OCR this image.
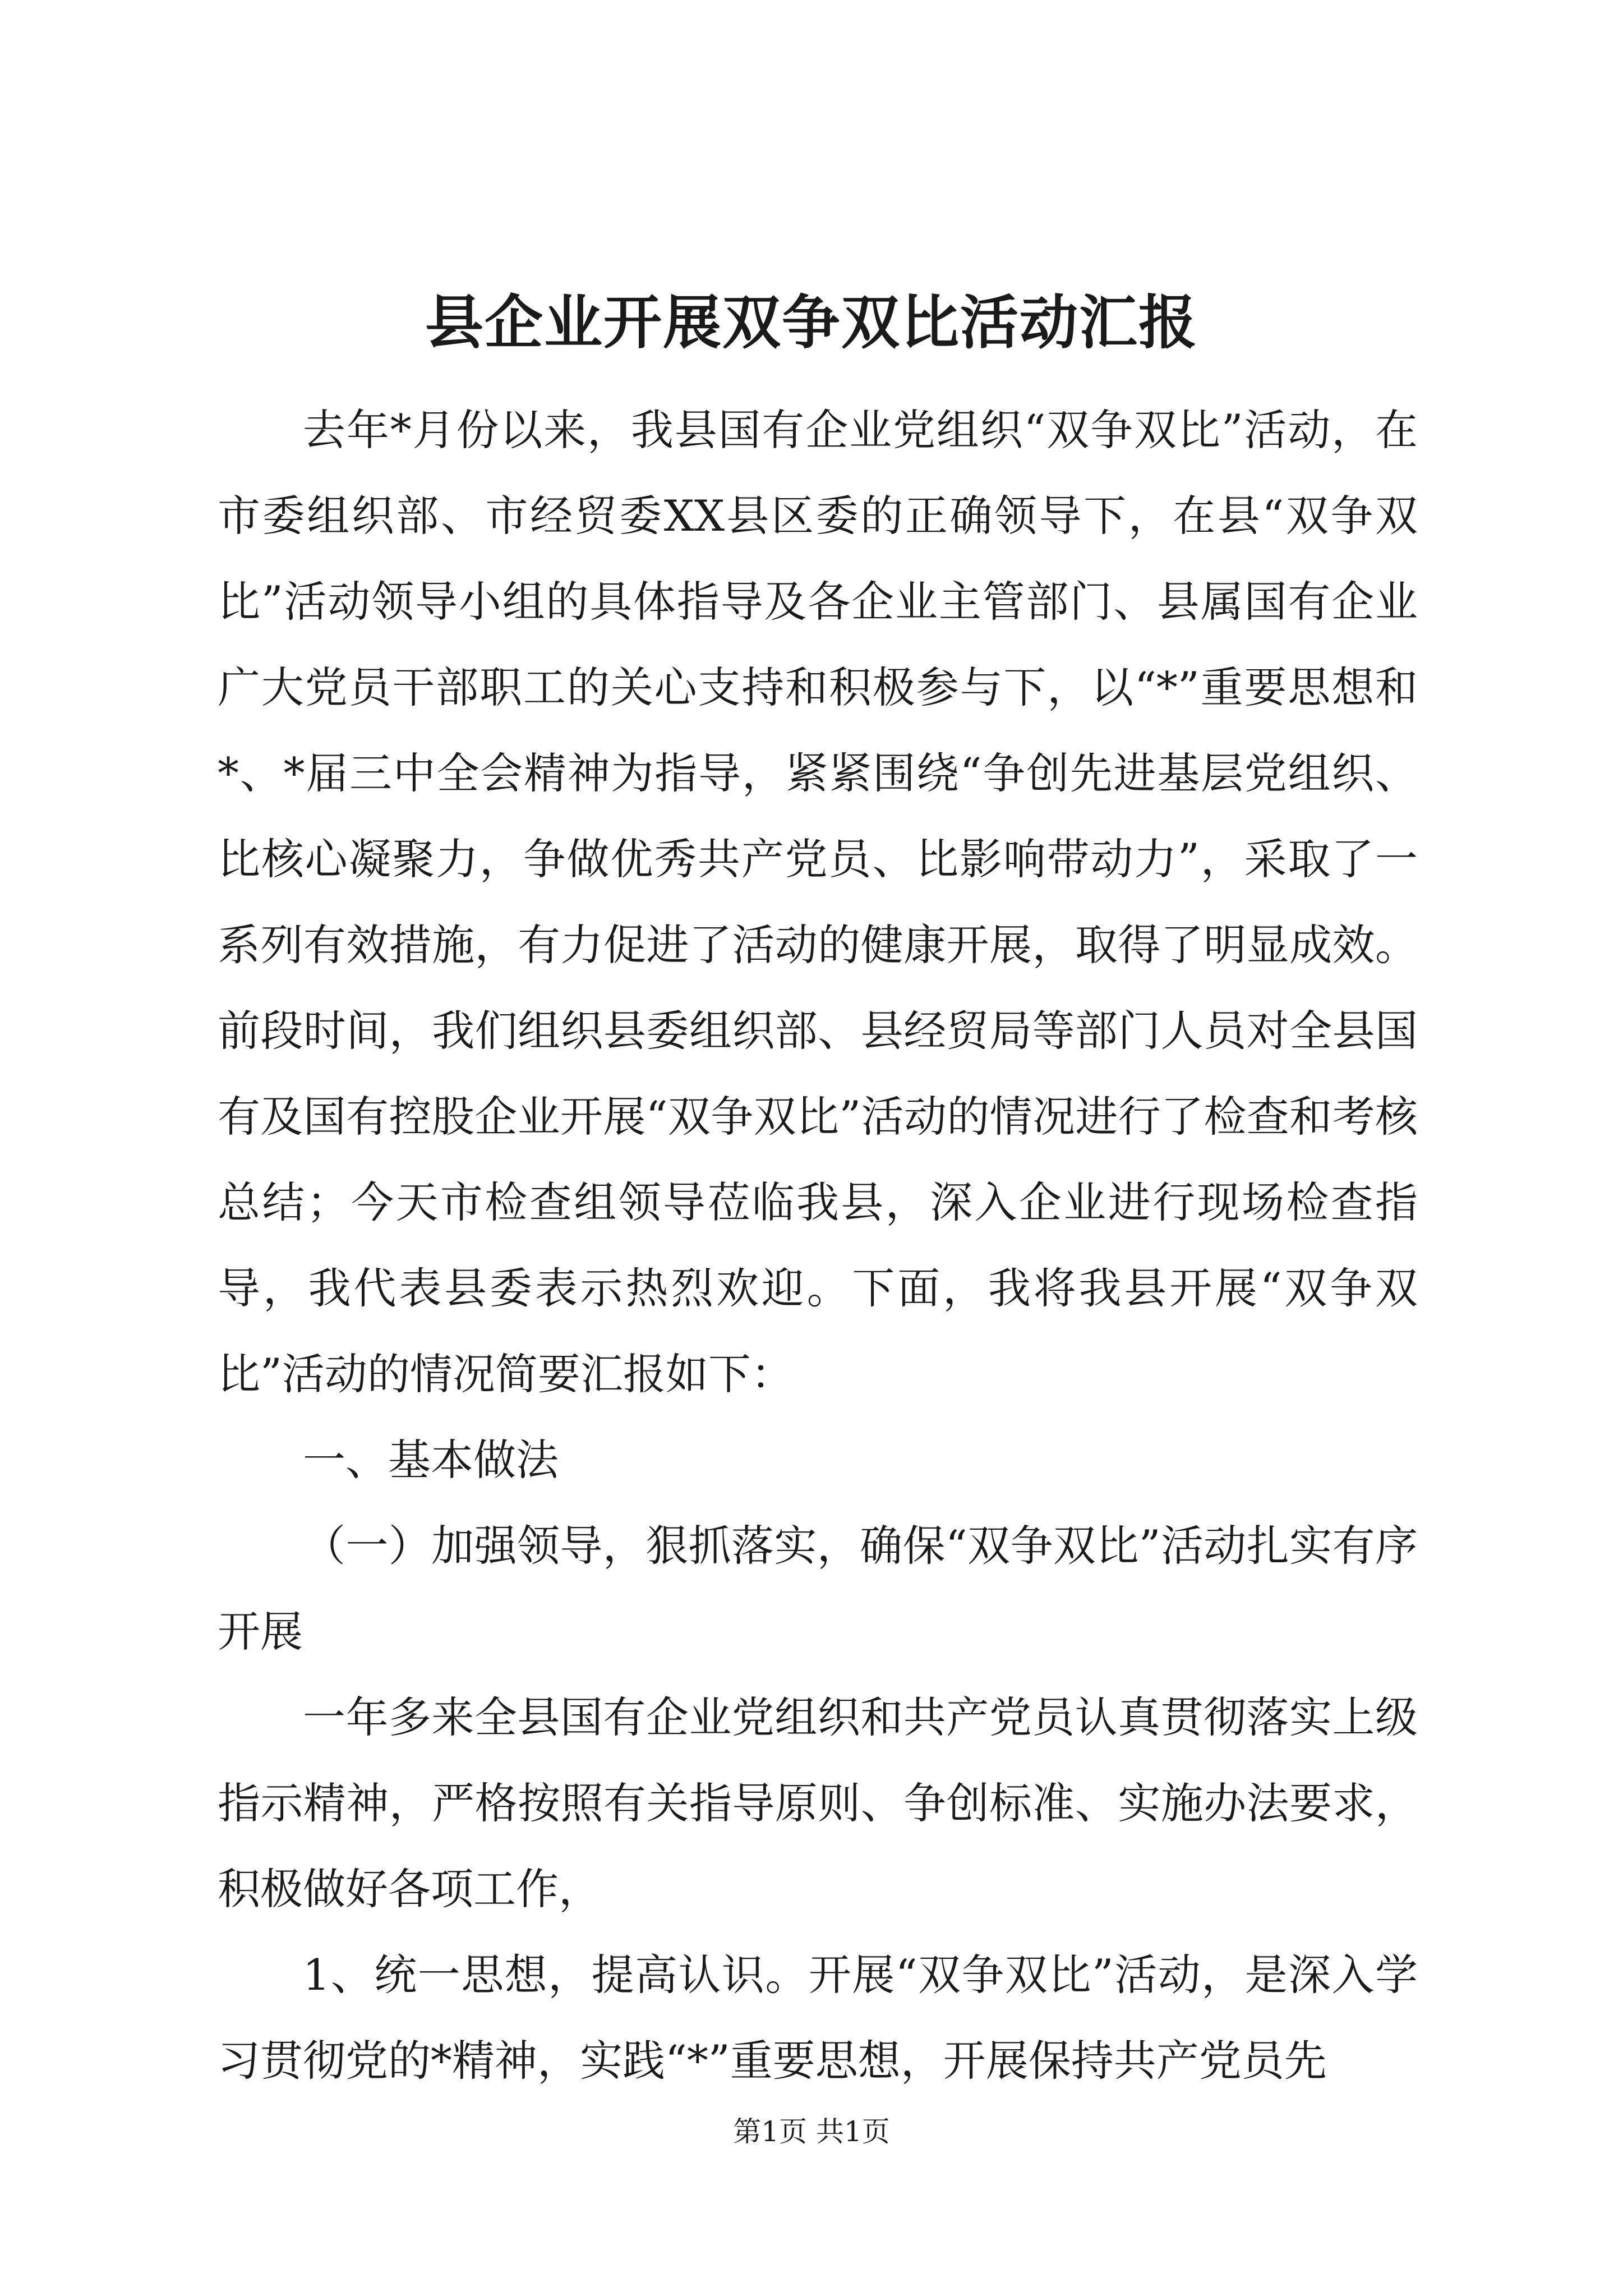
县企业开展双争双比活动汇报

去年*月份以来，我县国有企业党组织“双争双比”活动，在市委组织部、市经贸委XX县区委的正确领导下，在县“双争双比”活动领导小组的具体指导及各企业主管部门、县属国有企业广大党员干部职工的关心支持和积极参与下，以“*”重要思想和*、*届三中全会精神为指导，紧紧围绕“争创先进基层党组织、比核心凝聚力，争做优秀共产党员、比影响带动力”，采取了一系列有效措施，有力促进了活动的健康开展，取得了明显成效。前段时间，我们组织县委组织部、县经贸局等部门人员对全县国有及国有控股企业开展“双争双比”活动的情况进行了检查和考核总结；今天市检查组领导莅临我县，深入企业进行现场检查指导，我代表县委表示热烈欢迎。下面，我将我县开展“双争双比”活动的情况简要汇报如下：

一、基本做法

（一）加强领导，狠抓落实，确保“双争双比”活动扎实有序开展

一年多来全县国有企业党组织和共产党员认真贯彻落实上级指示精神，严格按照有关指导原则、争创标准、实施办法要求，积极做好各项工作，

1、统一思想，提高认识。开展“双争双比”活动，是深入学习贯彻党的*精神，实践“*”重要思想，开展保持共产党员先

第1页 共1页
